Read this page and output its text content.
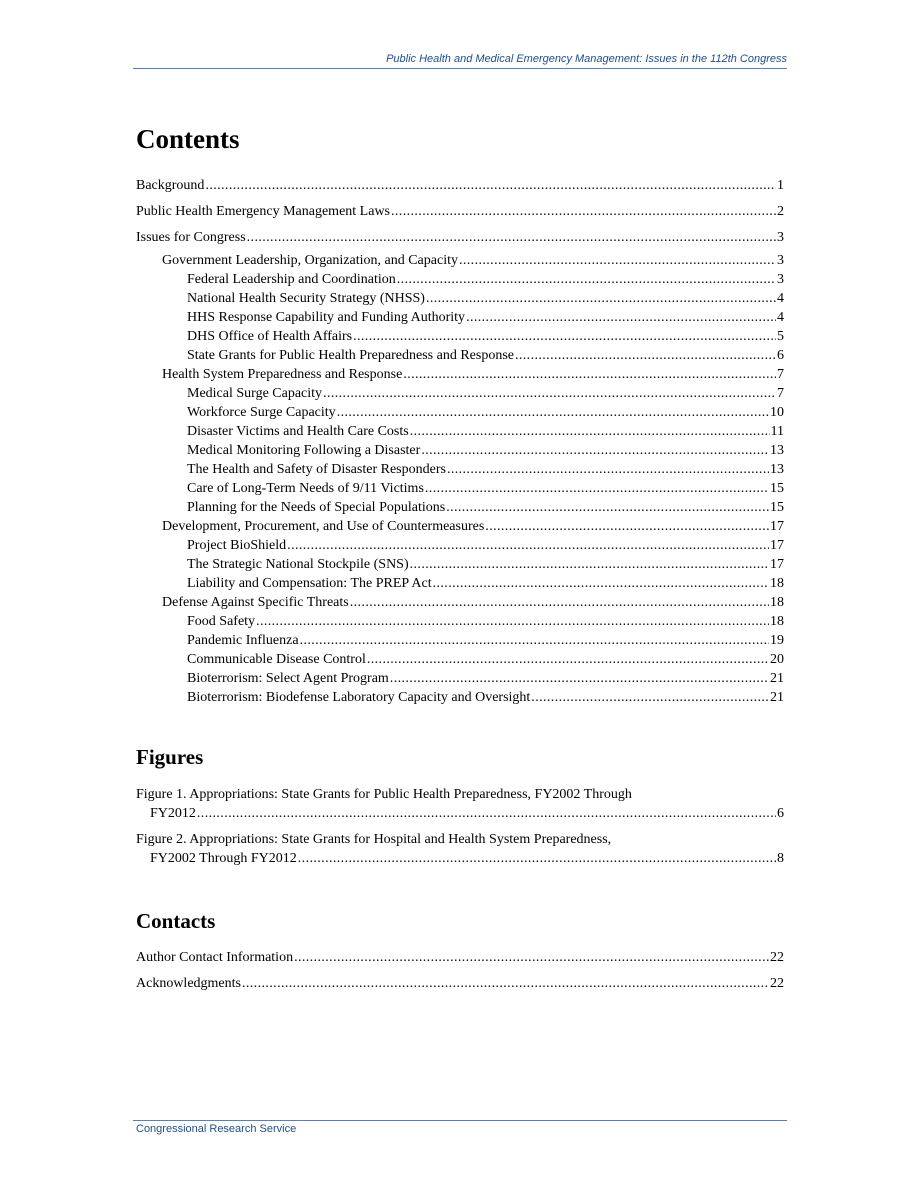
Public Health and Medical Emergency Management: Issues in the 112th Congress
Contents
Background .....	1
Public Health Emergency Management Laws .....	2
Issues for Congress .....	3
Government Leadership, Organization, and Capacity .....	3
Federal Leadership and Coordination .....	3
National Health Security Strategy (NHSS) .....	4
HHS Response Capability and Funding Authority .....	4
DHS Office of Health Affairs .....	5
State Grants for Public Health Preparedness and Response .....	6
Health System Preparedness and Response .....	7
Medical Surge Capacity .....	7
Workforce Surge Capacity .....	10
Disaster Victims and Health Care Costs .....	11
Medical Monitoring Following a Disaster .....	13
The Health and Safety of Disaster Responders .....	13
Care of Long-Term Needs of 9/11 Victims .....	15
Planning for the Needs of Special Populations .....	15
Development, Procurement, and Use of Countermeasures .....	17
Project BioShield .....	17
The Strategic National Stockpile (SNS) .....	17
Liability and Compensation: The PREP Act .....	18
Defense Against Specific Threats .....	18
Food Safety .....	18
Pandemic Influenza .....	19
Communicable Disease Control .....	20
Bioterrorism: Select Agent Program .....	21
Bioterrorism: Biodefense Laboratory Capacity and Oversight .....	21
Figures
Figure 1. Appropriations: State Grants for Public Health Preparedness, FY2002 Through
FY2012 .....	6
Figure 2. Appropriations: State Grants for Hospital and Health System Preparedness,
FY2002 Through FY2012 .....	8
Contacts
Author Contact Information .....	22
Acknowledgments .....	22
Congressional Research Service
